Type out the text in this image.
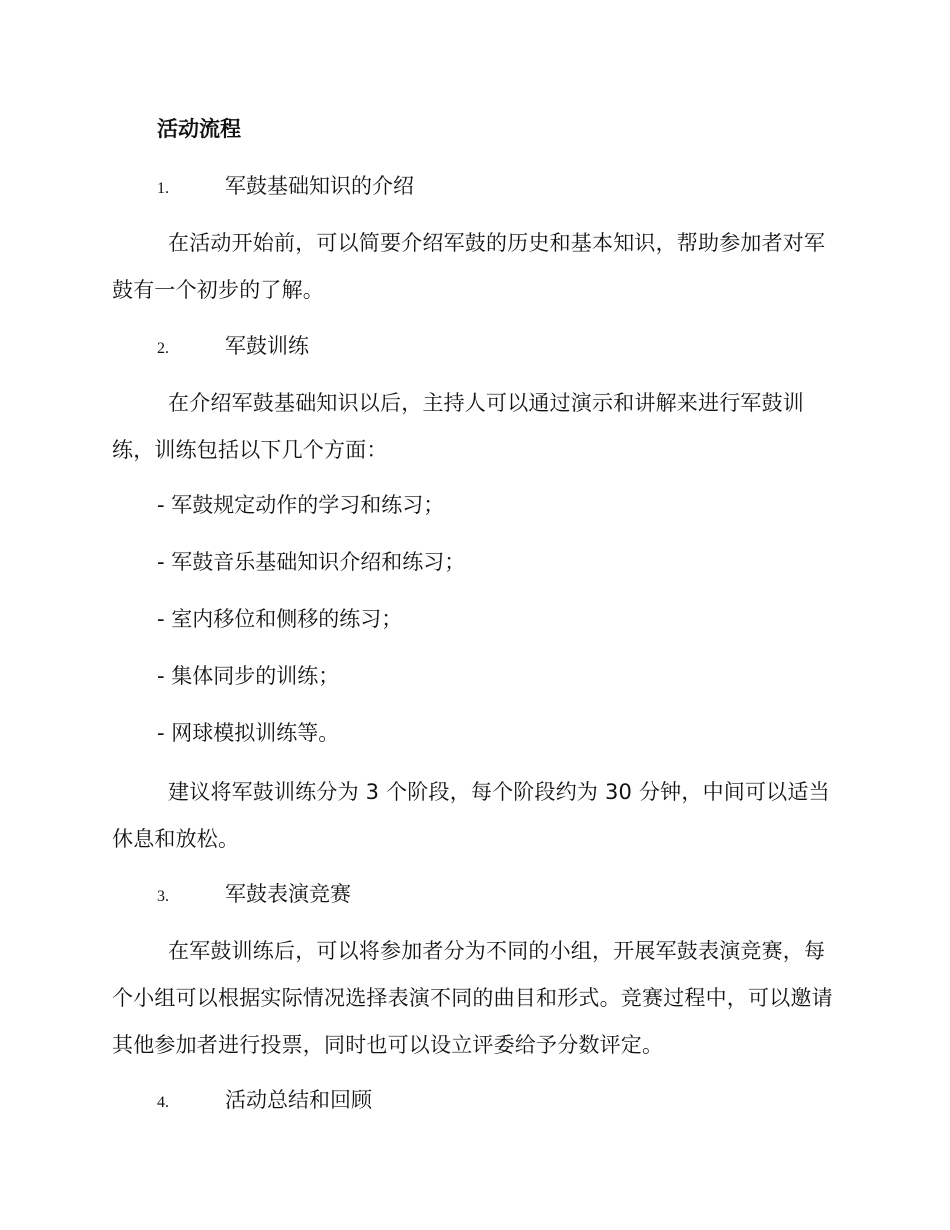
活动流程
1.	军鼓基础知识的介绍
在活动开始前，可以简要介绍军鼓的历史和基本知识，帮助参加者对军鼓有一个初步的了解。
2.	军鼓训练
在介绍军鼓基础知识以后，主持人可以通过演示和讲解来进行军鼓训练，训练包括以下几个方面：
- 军鼓规定动作的学习和练习；
- 军鼓音乐基础知识介绍和练习；
- 室内移位和侧移的练习；
- 集体同步的训练；
- 网球模拟训练等。
建议将军鼓训练分为 3 个阶段，每个阶段约为 30 分钟，中间可以适当休息和放松。
3.	军鼓表演竞赛
在军鼓训练后，可以将参加者分为不同的小组，开展军鼓表演竞赛，每个小组可以根据实际情况选择表演不同的曲目和形式。竞赛过程中，可以邀请其他参加者进行投票，同时也可以设立评委给予分数评定。
4.	活动总结和回顾
